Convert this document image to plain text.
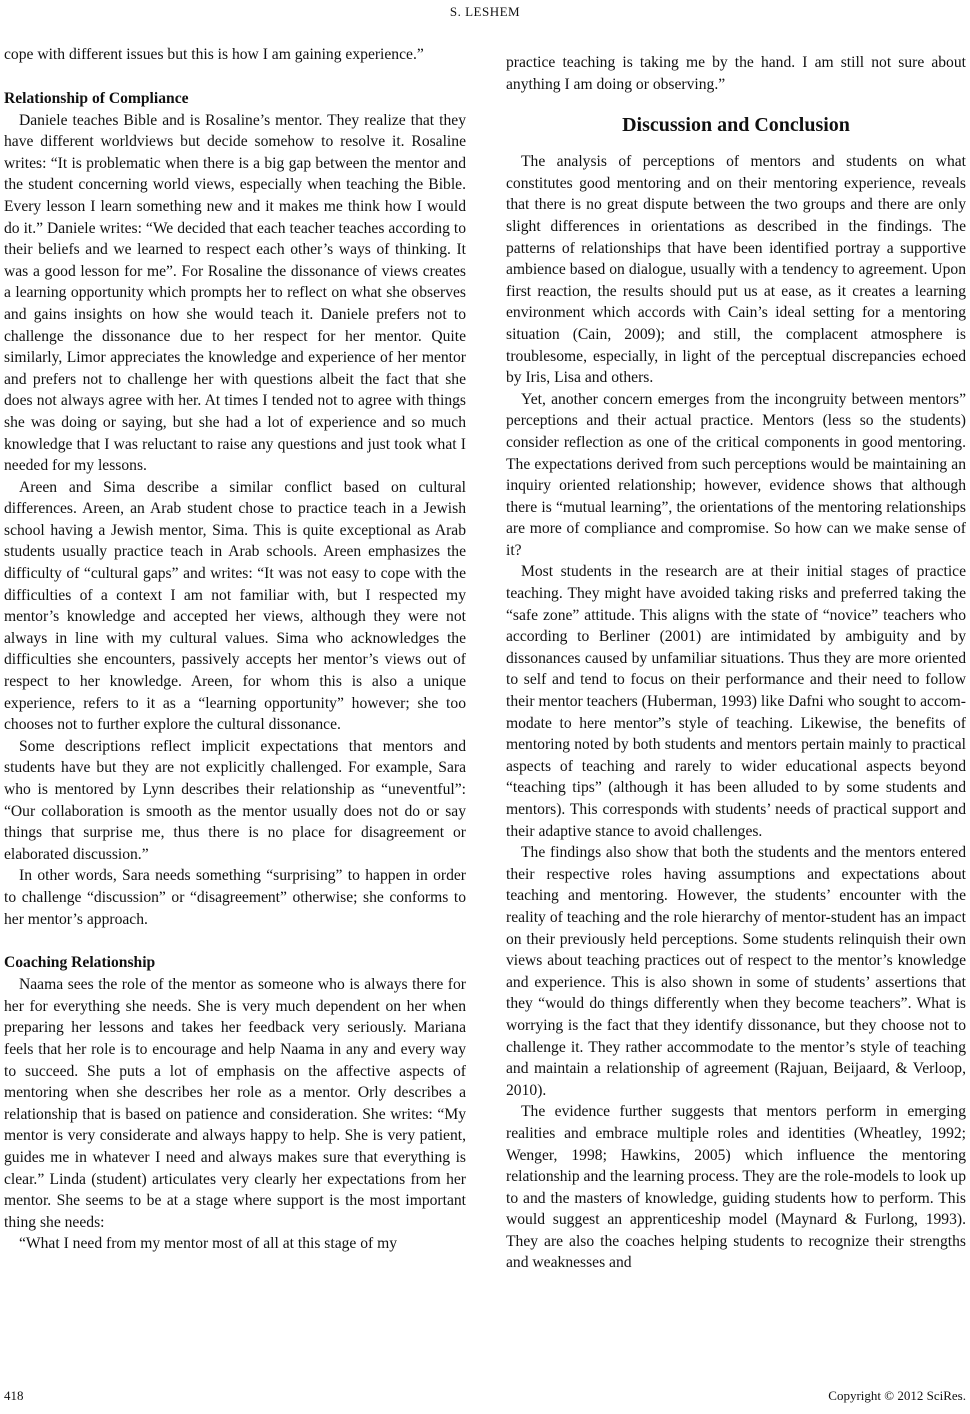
S. LESHEM

cope with different issues but this is how I am gaining experience.”

Relationship of Compliance

Daniele teaches Bible and is Rosaline’s mentor. They realize that they have different worldviews but decide somehow to resolve it. Rosaline writes: “It is problematic when there is a big gap between the mentor and the student concerning world views, especially when teaching the Bible. Every lesson I learn something new and it makes me think how I would do it.” Daniele writes: “We decided that each teacher teaches according to their beliefs and we learned to respect each other’s ways of thinking. It was a good lesson for me”. For Rosaline the dissonance of views creates a learning opportunity which prompts her to reflect on what she observes and gains insights on how she would teach it. Daniele prefers not to challenge the dissonance due to her respect for her mentor. Quite similarly, Limor appreciates the knowledge and experience of her mentor and prefers not to challenge her with questions albeit the fact that she does not always agree with her. At times I tended not to agree with things she was doing or saying, but she had a lot of experience and so much knowledge that I was reluctant to raise any questions and just took what I needed for my lessons.

Areen and Sima describe a similar conflict based on cultural differences. Areen, an Arab student chose to practice teach in a Jewish school having a Jewish mentor, Sima. This is quite exceptional as Arab students usually practice teach in Arab schools. Areen emphasizes the difficulty of “cultural gaps” and writes: “It was not easy to cope with the difficulties of a context I am not familiar with, but I respected my mentor’s knowledge and accepted her views, although they were not always in line with my cultural values. Sima who acknowledges the difficulties she encounters, passively accepts her mentor’s views out of respect to her knowledge. Areen, for whom this is also a unique experience, refers to it as a “learning opportunity” however; she too chooses not to further explore the cultural dissonance.

Some descriptions reflect implicit expectations that mentors and students have but they are not explicitly challenged. For example, Sara who is mentored by Lynn describes their relationship as “uneventful”: “Our collaboration is smooth as the mentor usually does not do or say things that surprise me, thus there is no place for disagreement or elaborated discussion.”

In other words, Sara needs something “surprising” to happen in order to challenge “discussion” or “disagreement” otherwise; she conforms to her mentor’s approach.

Coaching Relationship

Naama sees the role of the mentor as someone who is always there for her for everything she needs. She is very much dependent on her when preparing her lessons and takes her feedback very seriously. Mariana feels that her role is to encourage and help Naama in any and every way to succeed. She puts a lot of emphasis on the affective aspects of mentoring when she describes her role as a mentor. Orly describes a relationship that is based on patience and consideration. She writes: “My mentor is very considerate and always happy to help. She is very patient, guides me in whatever I need and always makes sure that everything is clear.” Linda (student) articulates very clearly her expectations from her mentor. She seems to be at a stage where support is the most important thing she needs:

“What I need from my mentor most of all at this stage of my

practice teaching is taking me by the hand. I am still not sure about anything I am doing or observing.”

Discussion and Conclusion

The analysis of perceptions of mentors and students on what constitutes good mentoring and on their mentoring experience, reveals that there is no great dispute between the two groups and there are only slight differences in orientations as described in the findings. The patterns of relationships that have been identified portray a supportive ambience based on dialogue, usually with a tendency to agreement. Upon first reaction, the results should put us at ease, as it creates a learning environment which accords with Cain’s ideal setting for a mentoring situation (Cain, 2009); and still, the complacent atmosphere is troublesome, especially, in light of the perceptual discrepancies echoed by Iris, Lisa and others.

Yet, another concern emerges from the incongruity between mentors” perceptions and their actual practice. Mentors (less so the students) consider reflection as one of the critical components in good mentoring. The expectations derived from such perceptions would be maintaining an inquiry oriented relationship; however, evidence shows that although there is “mutual learning”, the orientations of the mentoring relationships are more of compliance and compromise. So how can we make sense of it?

Most students in the research are at their initial stages of practice teaching. They might have avoided taking risks and preferred taking the “safe zone” attitude. This aligns with the state of “novice” teachers who according to Berliner (2001) are intimidated by ambiguity and by dissonances caused by unfamiliar situations. Thus they are more oriented to self and tend to focus on their performance and their need to follow their mentor teachers (Huberman, 1993) like Dafni who sought to accommodate to here mentor”s style of teaching. Likewise, the benefits of mentoring noted by both students and mentors pertain mainly to practical aspects of teaching and rarely to wider educational aspects beyond “teaching tips” (although it has been alluded to by some students and mentors). This corresponds with students’ needs of practical support and their adaptive stance to avoid challenges.

The findings also show that both the students and the mentors entered their respective roles having assumptions and expectations about teaching and mentoring. However, the students’ encounter with the reality of teaching and the role hierarchy of mentor-student has an impact on their previously held perceptions. Some students relinquish their own views about teaching practices out of respect to the mentor’s knowledge and experience. This is also shown in some of students’ assertions that they “would do things differently when they become teachers”. What is worrying is the fact that they identify dissonance, but they choose not to challenge it. They rather accommodate to the mentor’s style of teaching and maintain a relationship of agreement (Rajuan, Beijaard, & Verloop, 2010).

The evidence further suggests that mentors perform in emerging realities and embrace multiple roles and identities (Wheatley, 1992; Wenger, 1998; Hawkins, 2005) which influence the mentoring relationship and the learning process. They are the role-models to look up to and the masters of knowledge, guiding students how to perform. This would suggest an apprenticeship model (Maynard & Furlong, 1993). They are also the coaches helping students to recognize their strengths and weaknesses and

418	Copyright © 2012 SciRes.
